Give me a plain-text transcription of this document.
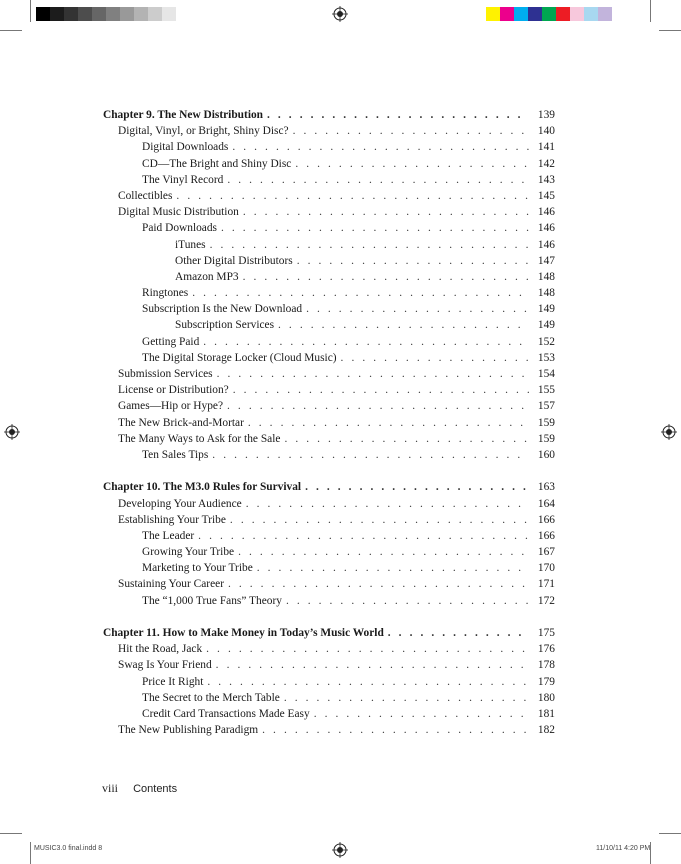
Chapter 9. The New Distribution . . .	139
Digital, Vinyl, or Bright, Shiny Disc? . . .	140
Digital Downloads . . .	141
CD—The Bright and Shiny Disc . . .	142
The Vinyl Record . . .	143
Collectibles . . .	145
Digital Music Distribution . . .	146
Paid Downloads . . .	146
iTunes . . .	146
Other Digital Distributors . . .	147
Amazon MP3 . . .	148
Ringtones . . .	148
Subscription Is the New Download . . .	149
Subscription Services . . .	149
Getting Paid . . .	152
The Digital Storage Locker (Cloud Music) . . .	153
Submission Services . . .	154
License or Distribution? . . .	155
Games—Hip or Hype? . . .	157
The New Brick-and-Mortar . . .	159
The Many Ways to Ask for the Sale . . .	159
Ten Sales Tips . . .	160
Chapter 10. The M3.0 Rules for Survival . . .	163
Developing Your Audience . . .	164
Establishing Your Tribe . . .	166
The Leader . . .	166
Growing Your Tribe . . .	167
Marketing to Your Tribe . . .	170
Sustaining Your Career . . .	171
The “1,000 True Fans” Theory . . .	172
Chapter 11. How to Make Money in Today’s Music World . . .	175
Hit the Road, Jack . . .	176
Swag Is Your Friend . . .	178
Price It Right . . .	179
The Secret to the Merch Table . . .	180
Credit Card Transactions Made Easy . . .	181
The New Publishing Paradigm . . .	182
viii Contents
MUSIC3.0 final.indd 8	11/10/11 4:20 PM
